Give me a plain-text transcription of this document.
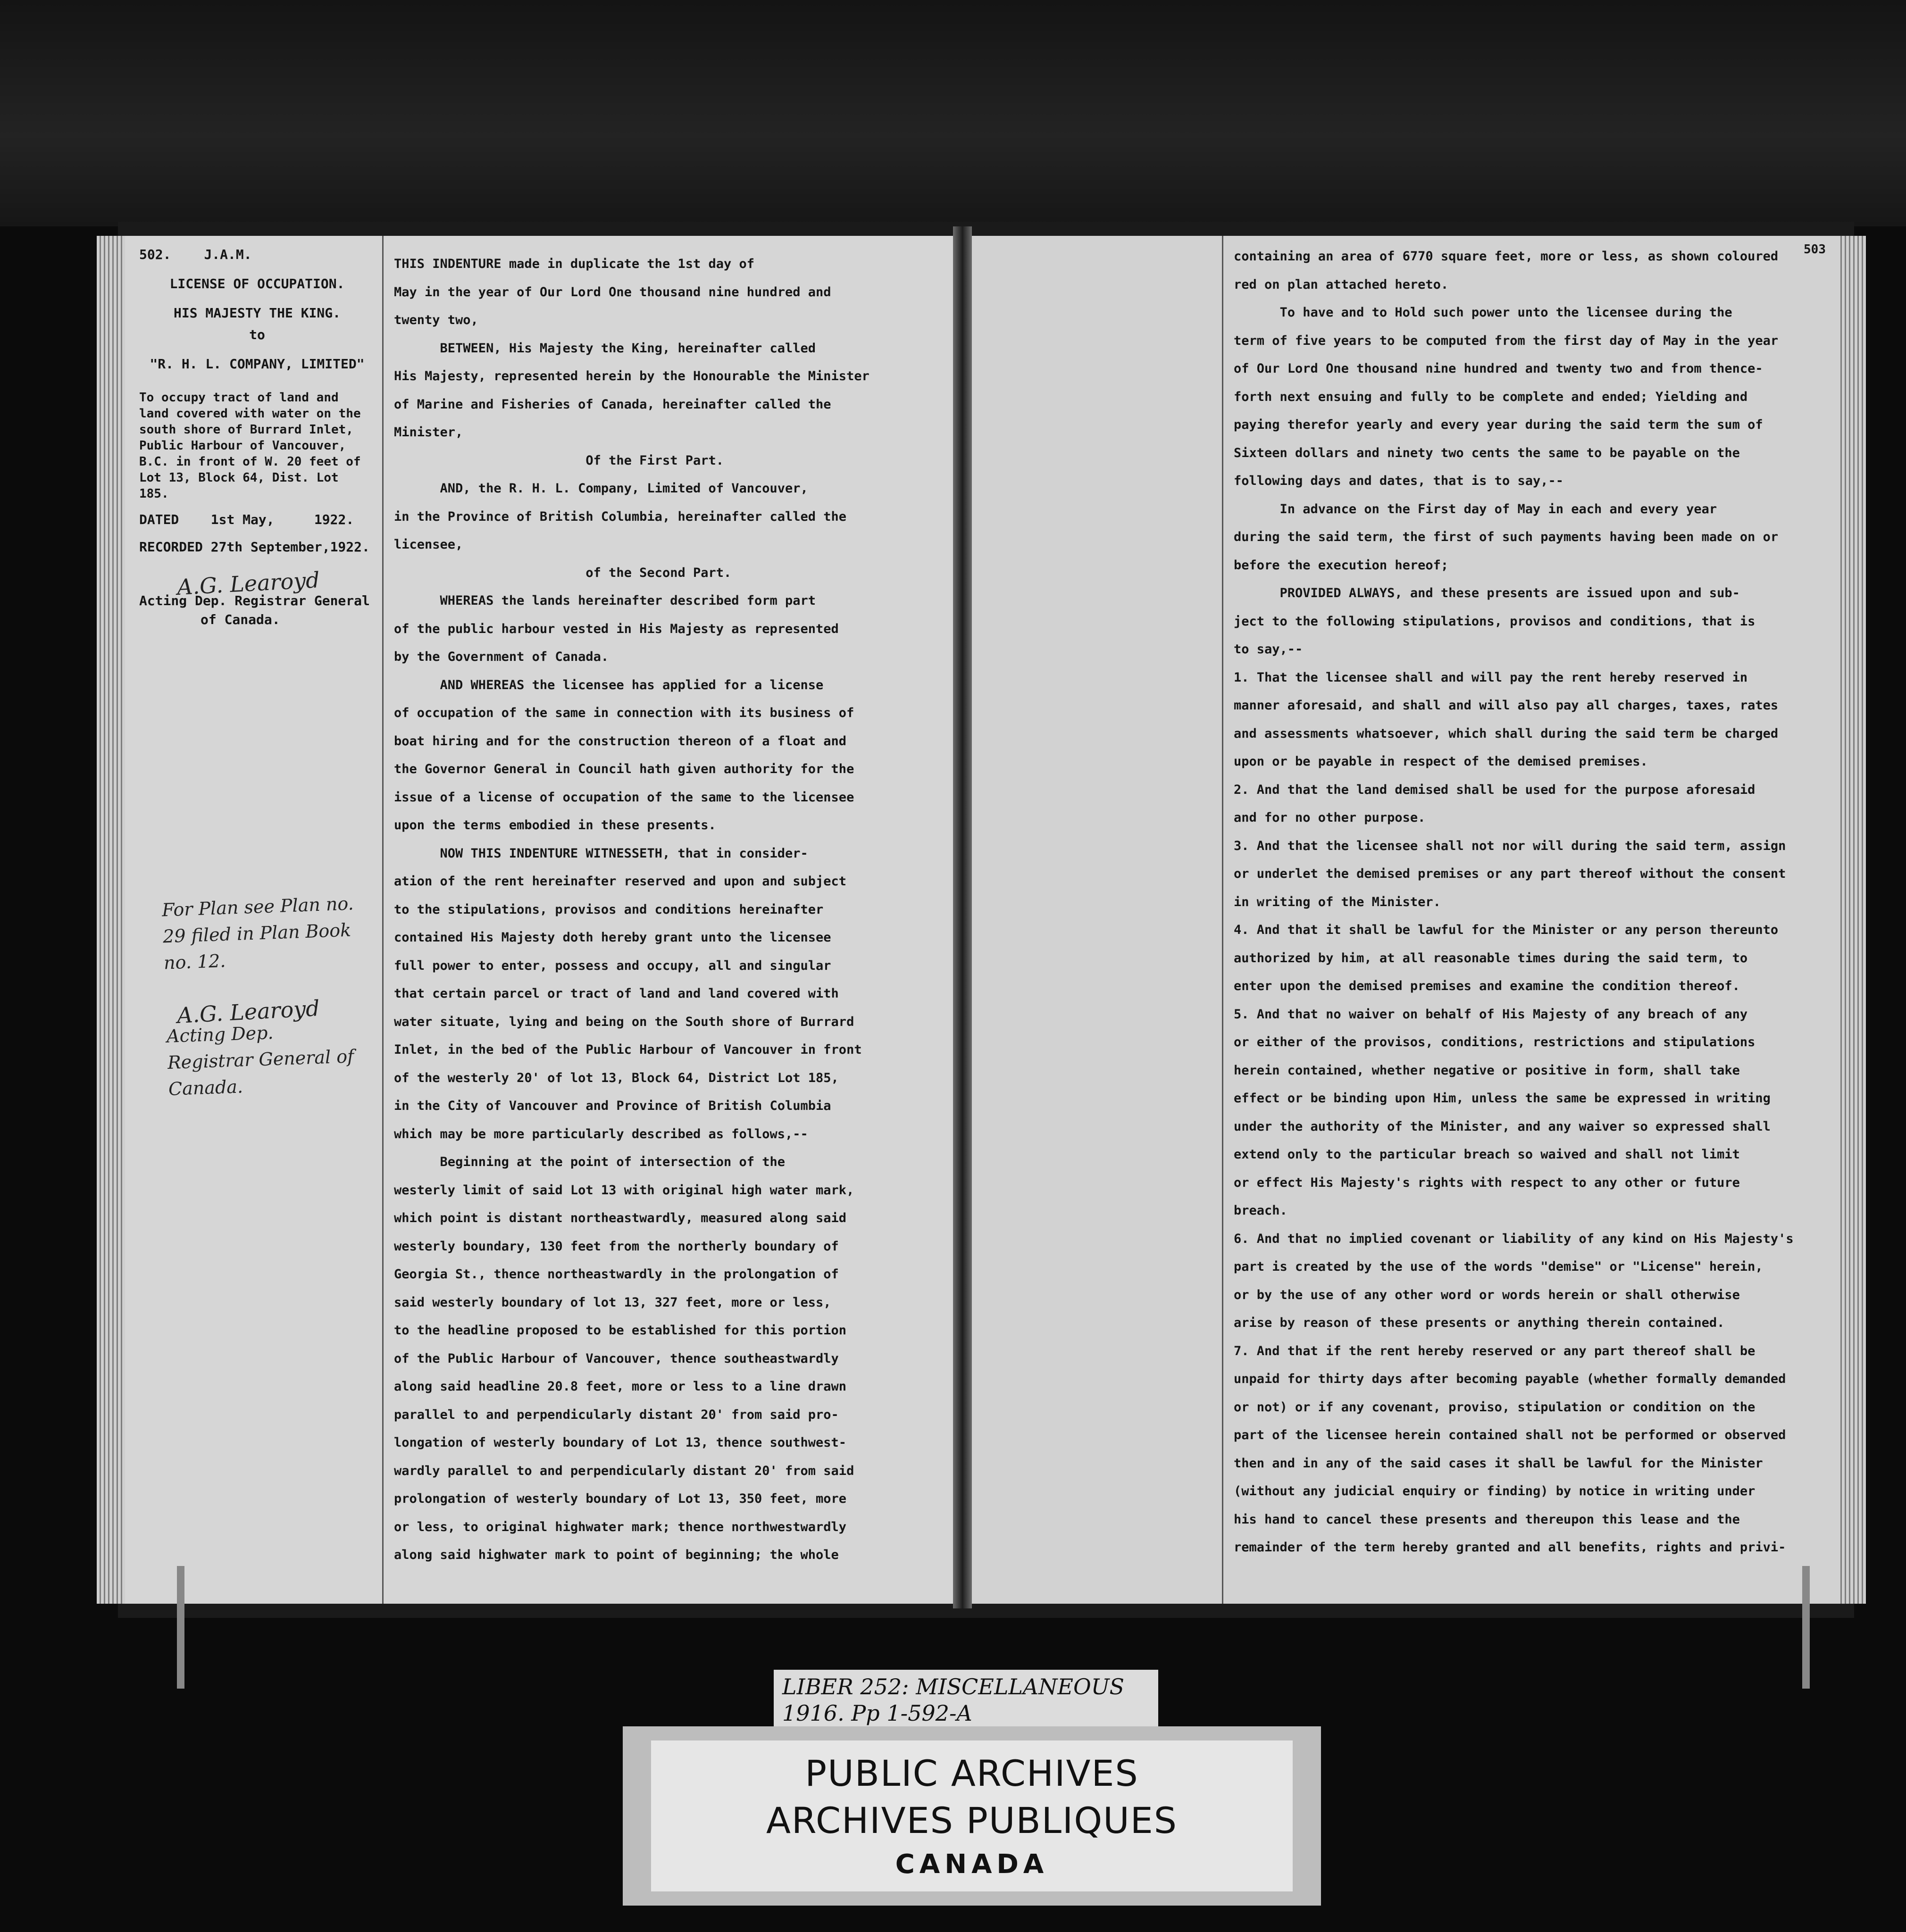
502.	J.A.M.
LICENSE OF OCCUPATION.
HIS MAJESTY THE KING.
to
"R. H. L. COMPANY, LIMITED"
To occupy tract of land and land covered with water on the south shore of Burrard Inlet, Public Harbour of Vancouver, B.C. in front of W. 20 feet of Lot 13, Block 64, Dist. Lot 185.
DATED 1st May,	1922.
RECORDED 27th September,1922.
A.G. Learoyd
Acting Dep. Registrar General
of Canada.
For Plan see Plan no. 29 filed in Plan Book no. 12.
A.G. Learoyd
Acting Dep. Registrar General of Canada.
THIS INDENTURE made in duplicate the 1st day of
May in the year of Our Lord One thousand nine hundred and
twenty two,
BETWEEN, His Majesty the King, hereinafter called
His Majesty, represented herein by the Honourable the Minister
of Marine and Fisheries of Canada, hereinafter called the
Minister,
Of the First Part.
AND, the R. H. L. Company, Limited of Vancouver,
in the Province of British Columbia, hereinafter called the
licensee,
of the Second Part.
WHEREAS the lands hereinafter described form part
of the public harbour vested in His Majesty as represented
by the Government of Canada.
AND WHEREAS the licensee has applied for a license
of occupation of the same in connection with its business of
boat hiring and for the construction thereon of a float and
the Governor General in Council hath given authority for the
issue of a license of occupation of the same to the licensee
upon the terms embodied in these presents.
NOW THIS INDENTURE WITNESSETH, that in consider-
ation of the rent hereinafter reserved and upon and subject
to the stipulations, provisos and conditions hereinafter
contained His Majesty doth hereby grant unto the licensee
full power to enter, possess and occupy, all and singular
that certain parcel or tract of land and land covered with
water situate, lying and being on the South shore of Burrard
Inlet, in the bed of the Public Harbour of Vancouver in front
of the westerly 20' of lot 13, Block 64, District Lot 185,
in the City of Vancouver and Province of British Columbia
which may be more particularly described as follows,--
Beginning at the point of intersection of the
westerly limit of said Lot 13 with original high water mark,
which point is distant northeastwardly, measured along said
westerly boundary, 130 feet from the northerly boundary of
Georgia St., thence northeastwardly in the prolongation of
said westerly boundary of lot 13, 327 feet, more or less,
to the headline proposed to be established for this portion
of the Public Harbour of Vancouver, thence southeastwardly
along said headline 20.8 feet, more or less to a line drawn
parallel to and perpendicularly distant 20' from said pro-
longation of westerly boundary of Lot 13, thence southwest-
wardly parallel to and perpendicularly distant 20' from said
prolongation of westerly boundary of Lot 13, 350 feet, more
or less, to original highwater mark; thence northwestwardly
along said highwater mark to point of beginning; the whole
503
containing an area of 6770 square feet, more or less, as shown coloured
red on plan attached hereto.
To have and to Hold such power unto the licensee during the
term of five years to be computed from the first day of May in the year
of Our Lord One thousand nine hundred and twenty two and from thence-
forth next ensuing and fully to be complete and ended; Yielding and
paying therefor yearly and every year during the said term the sum of
Sixteen dollars and ninety two cents the same to be payable on the
following days and dates, that is to say,--
In advance on the First day of May in each and every year
during the said term, the first of such payments having been made on or
before the execution hereof;
PROVIDED ALWAYS, and these presents are issued upon and sub-
ject to the following stipulations, provisos and conditions, that is
to say,--
1. That the licensee shall and will pay the rent hereby reserved in
manner aforesaid, and shall and will also pay all charges, taxes, rates
and assessments whatsoever, which shall during the said term be charged
upon or be payable in respect of the demised premises.
2. And that the land demised shall be used for the purpose aforesaid
and for no other purpose.
3. And that the licensee shall not nor will during the said term, assign
or underlet the demised premises or any part thereof without the consent
in writing of the Minister.
4. And that it shall be lawful for the Minister or any person thereunto
authorized by him, at all reasonable times during the said term, to
enter upon the demised premises and examine the condition thereof.
5. And that no waiver on behalf of His Majesty of any breach of any
or either of the provisos, conditions, restrictions and stipulations
herein contained, whether negative or positive in form, shall take
effect or be binding upon Him, unless the same be expressed in writing
under the authority of the Minister, and any waiver so expressed shall
extend only to the particular breach so waived and shall not limit
or effect His Majesty's rights with respect to any other or future
breach.
6. And that no implied covenant or liability of any kind on His Majesty's
part is created by the use of the words "demise" or "License" herein,
or by the use of any other word or words herein or shall otherwise
arise by reason of these presents or anything therein contained.
7. And that if the rent hereby reserved or any part thereof shall be
unpaid for thirty days after becoming payable (whether formally demanded
or not) or if any covenant, proviso, stipulation or condition on the
part of the licensee herein contained shall not be performed or observed
then and in any of the said cases it shall be lawful for the Minister
(without any judicial enquiry or finding) by notice in writing under
his hand to cancel these presents and thereupon this lease and the
remainder of the term hereby granted and all benefits, rights and privi-
LIBER 252: MISCELLANEOUS
1916. Pp 1-592-A
PUBLIC ARCHIVES
ARCHIVES PUBLIQUES
CANADA
